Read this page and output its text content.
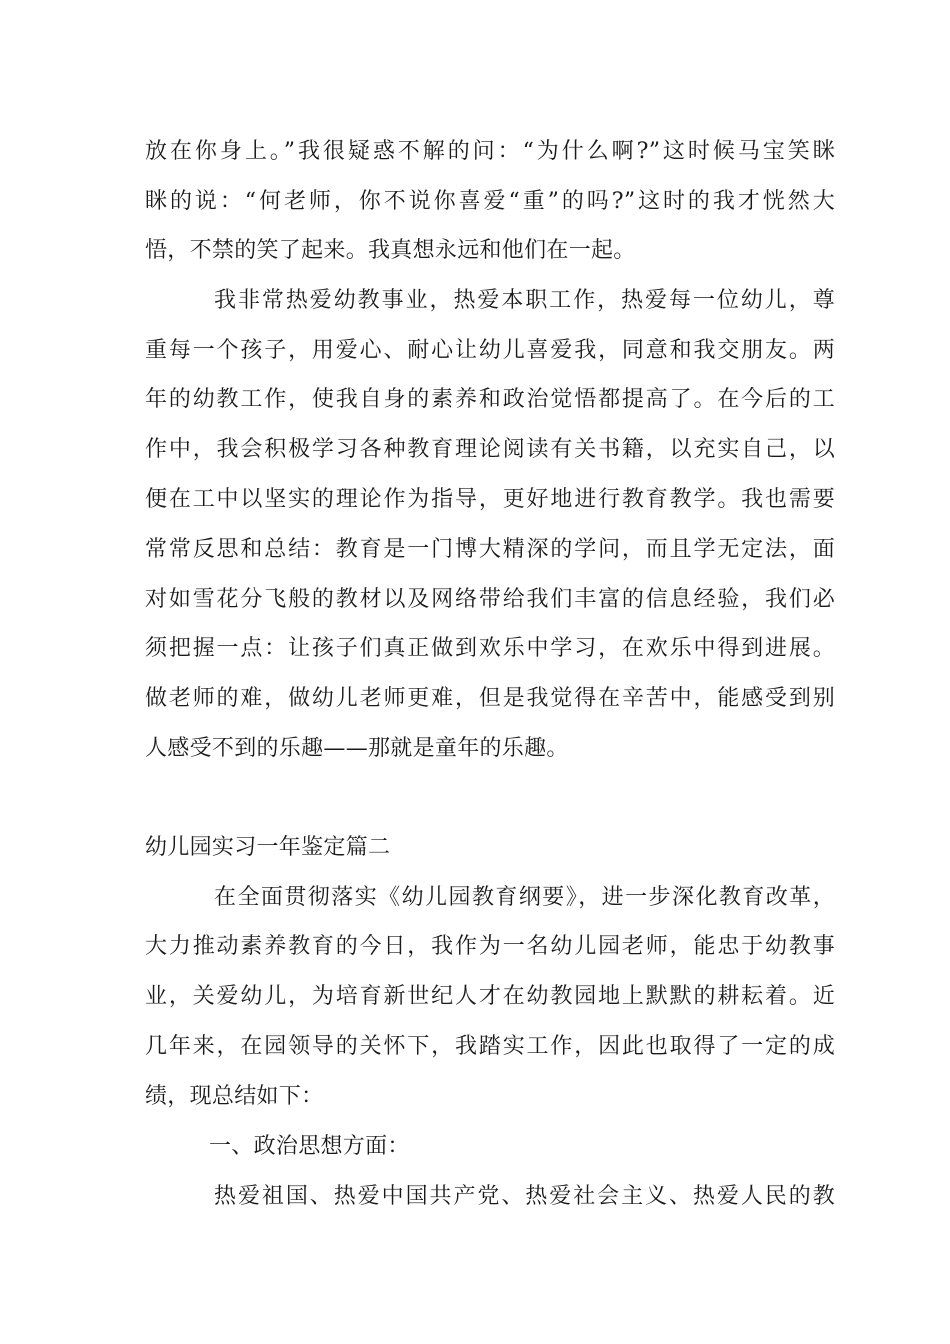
放在你身上。”我很疑惑不解的问：“为什么啊?”这时候马宝笑眯
眯的说：“何老师，你不说你喜爱“重”的吗?”这时的我才恍然大
悟，不禁的笑了起来。我真想永远和他们在一起。
我非常热爱幼教事业，热爱本职工作，热爱每一位幼儿，尊
重每一个孩子，用爱心、耐心让幼儿喜爱我，同意和我交朋友。两
年的幼教工作，使我自身的素养和政治觉悟都提高了。在今后的工
作中，我会积极学习各种教育理论阅读有关书籍，以充实自己，以
便在工中以坚实的理论作为指导，更好地进行教育教学。我也需要
常常反思和总结：教育是一门博大精深的学问，而且学无定法，面
对如雪花分飞般的教材以及网络带给我们丰富的信息经验，我们必
须把握一点：让孩子们真正做到欢乐中学习，在欢乐中得到进展。
做老师的难，做幼儿老师更难，但是我觉得在辛苦中，能感受到别
人感受不到的乐趣——那就是童年的乐趣。
幼儿园实习一年鉴定篇二
在全面贯彻落实《幼儿园教育纲要》，进一步深化教育改革，
大力推动素养教育的今日，我作为一名幼儿园老师，能忠于幼教事
业，关爱幼儿，为培育新世纪人才在幼教园地上默默的耕耘着。近
几年来，在园领导的关怀下，我踏实工作，因此也取得了一定的成
绩，现总结如下：
一、政治思想方面：
热爱祖国、热爱中国共产党、热爱社会主义、热爱人民的教
